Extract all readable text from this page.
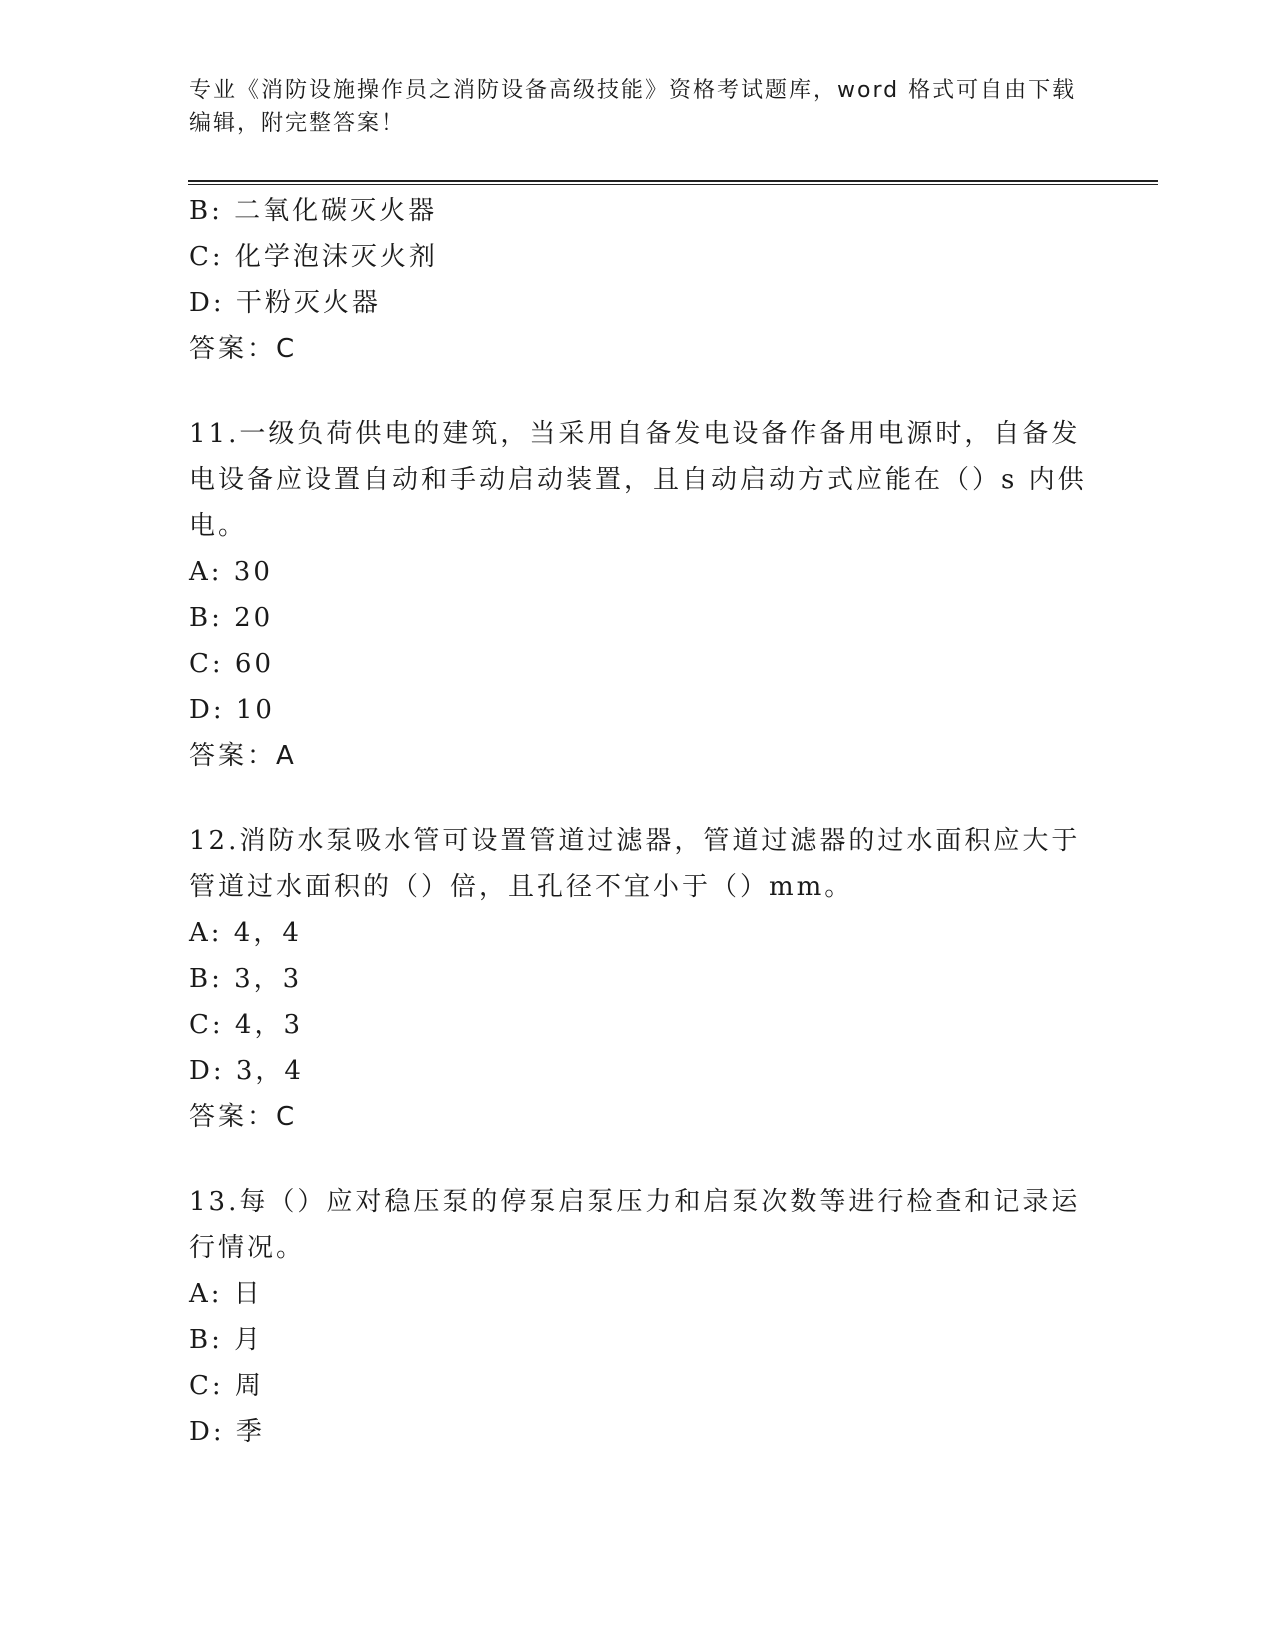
专业《消防设施操作员之消防设备高级技能》资格考试题库，word 格式可自由下载编辑，附完整答案！
B: 二氧化碳灭火器
C: 化学泡沫灭火剂
D: 干粉灭火器
答案：C
11.一级负荷供电的建筑，当采用自备发电设备作备用电源时，自备发电设备应设置自动和手动启动装置，且自动启动方式应能在（）s 内供电。
A: 30
B: 20
C: 60
D: 10
答案：A
12.消防水泵吸水管可设置管道过滤器，管道过滤器的过水面积应大于管道过水面积的（）倍，且孔径不宜小于（）mm。
A: 4，4
B: 3，3
C: 4，3
D: 3，4
答案：C
13.每（）应对稳压泵的停泵启泵压力和启泵次数等进行检查和记录运行情况。
A: 日
B: 月
C: 周
D: 季
